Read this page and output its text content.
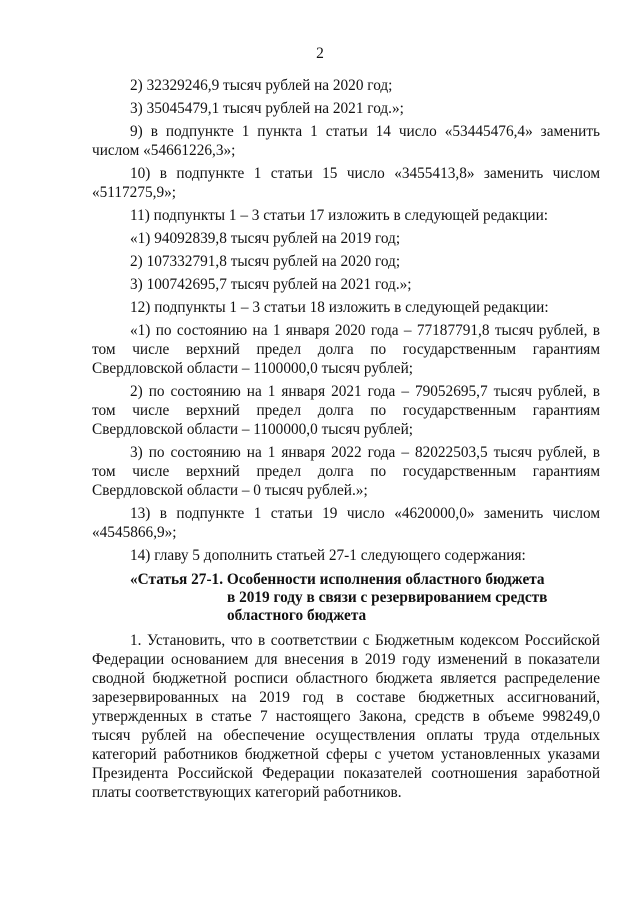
2

2) 32329246,9 тысяч рублей на 2020 год;

3) 35045479,1 тысяч рублей на 2021 год.»;

9) в подпункте 1 пункта 1 статьи 14 число «53445476,4» заменить числом «54661226,3»;

10) в подпункте 1 статьи 15 число «3455413,8» заменить числом «5117275,9»;

11) подпункты 1 – 3 статьи 17 изложить в следующей редакции:

«1) 94092839,8 тысяч рублей на 2019 год;

2) 107332791,8 тысяч рублей на 2020 год;

3) 100742695,7 тысяч рублей на 2021 год.»;

12) подпункты 1 – 3 статьи 18 изложить в следующей редакции:

«1) по состоянию на 1 января 2020 года – 77187791,8 тысяч рублей, в том числе верхний предел долга по государственным гарантиям Свердловской области – 1100000,0 тысяч рублей;

2) по состоянию на 1 января 2021 года – 79052695,7 тысяч рублей, в том числе верхний предел долга по государственным гарантиям Свердловской области – 1100000,0 тысяч рублей;

3) по состоянию на 1 января 2022 года – 82022503,5 тысяч рублей, в том числе верхний предел долга по государственным гарантиям Свердловской области – 0 тысяч рублей.»;

13) в подпункте 1 статьи 19 число «4620000,0» заменить числом «4545866,9»;

14) главу 5 дополнить статьей 27-1 следующего содержания:

«Статья 27-1. Особенности исполнения областного бюджета
в 2019 году в связи с резервированием средств
областного бюджета

1. Установить, что в соответствии с Бюджетным кодексом Российской Федерации основанием для внесения в 2019 году изменений в показатели сводной бюджетной росписи областного бюджета является распределение зарезервированных на 2019 год в составе бюджетных ассигнований, утвержденных в статье 7 настоящего Закона, средств в объеме 998249,0 тысяч рублей на обеспечение осуществления оплаты труда отдельных категорий работников бюджетной сферы с учетом установленных указами Президента Российской Федерации показателей соотношения заработной платы соответствующих категорий работников.
